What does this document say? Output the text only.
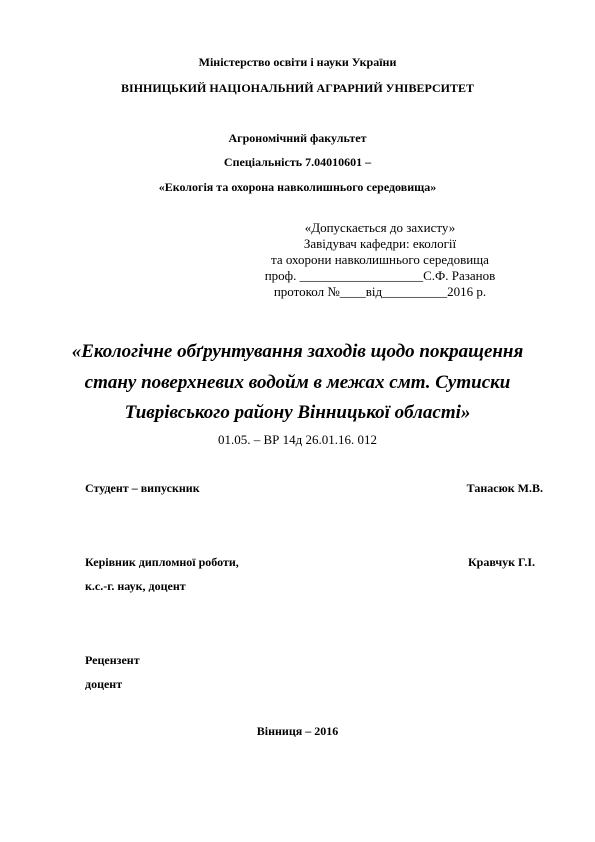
Міністерство освіти і науки України
ВІННИЦЬКИЙ НАЦІОНАЛЬНИЙ АГРАРНИЙ УНІВЕРСИТЕТ
Агрономічний факультет
Спеціальність 7.04010601 –
«Екологія та охорона навколишнього середовища»
«Допускається до захисту»
Завідувач кафедри: екології
та охорони навколишнього середовища
проф. ___________________С.Ф. Разанов
протокол №____від__________2016 р.
«Екологічне обґрунтування заходів щодо покращення
стану поверхневих водойм в межах смт. Сутиски
Тиврівського району Вінницької області»
01.05. – ВР 14д 26.01.16. 012
Студент – випускник	Танасюк М.В.
Керівник дипломної роботи,	Кравчук Г.І.
к.с.-г. наук, доцент
Рецензент
доцент
Вінниця – 2016
